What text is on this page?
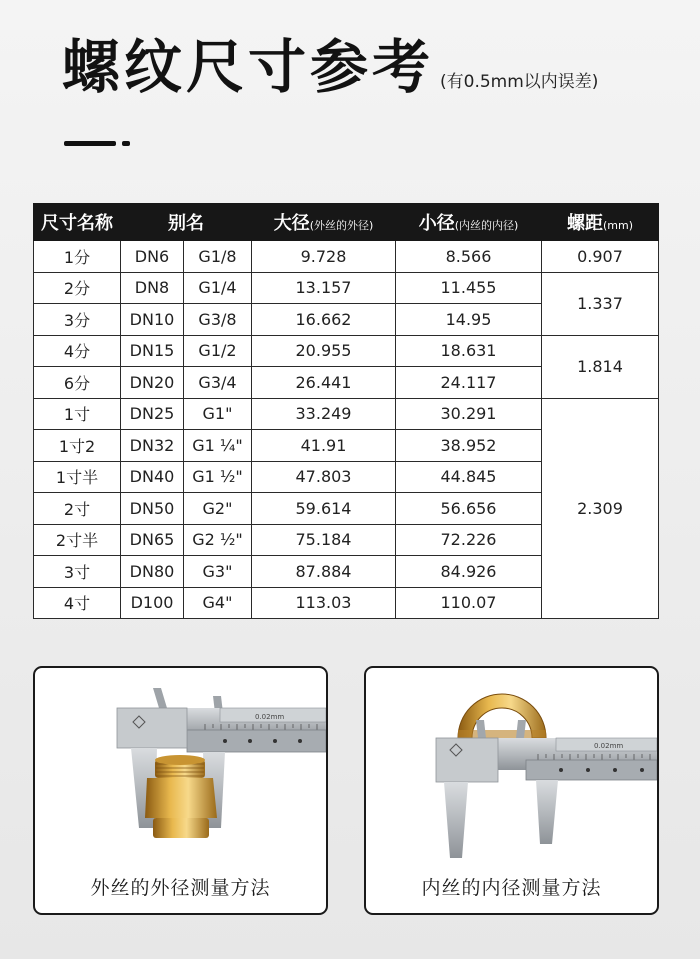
螺纹尺寸参考 (有0.5mm以内误差)
尺寸名称	别名		大径(外丝的外径)	小径(内丝的内径)	螺距(mm)
1分	DN6	G1/8	9.728	8.566	0.907
2分	DN8	G1/4	13.157	11.455	1.337
3分	DN10	G3/8	16.662	14.95	
4分	DN15	G1/2	20.955	18.631	1.814
6分	DN20	G3/4	26.441	24.117	
1寸	DN25	G1"	33.249	30.291	2.309
1寸2	DN32	G1 ¼"	41.91	38.952	
1寸半	DN40	G1 ½"	47.803	44.845	
2寸	DN50	G2"	59.614	56.656	
2寸半	DN65	G2 ½"	75.184	72.226	
3寸	DN80	G3"	87.884	84.926	
4寸	D100	G4"	113.03	110.07	
0.02mm
外丝的外径测量方法
0.02mm
内丝的内径测量方法
